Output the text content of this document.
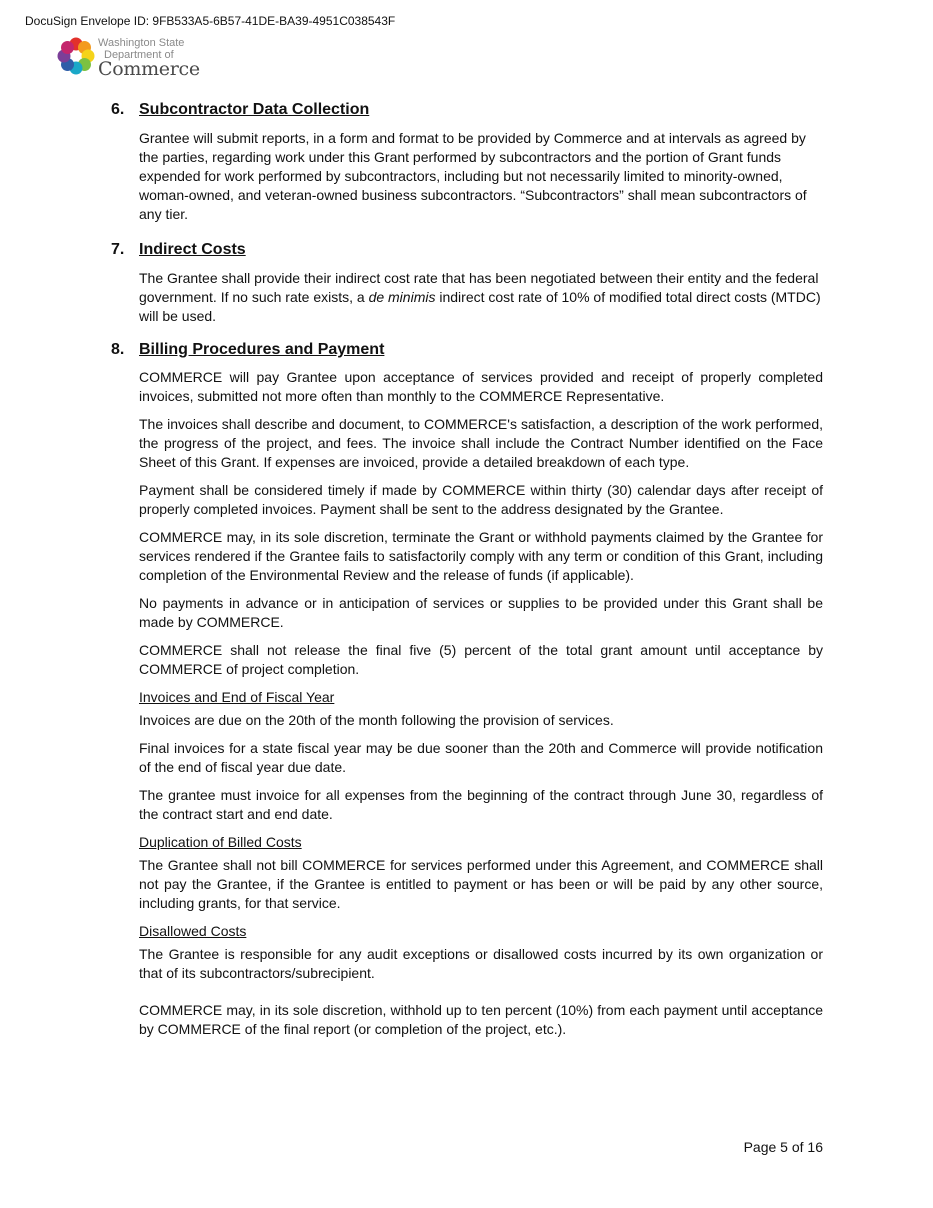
DocuSign Envelope ID: 9FB533A5-6B57-41DE-BA39-4951C038543F
Washington State
Department of
Commerce
6. Subcontractor Data Collection

Grantee will submit reports, in a form and format to be provided by Commerce and at intervals as agreed by the parties, regarding work under this Grant performed by subcontractors and the portion of Grant funds expended for work performed by subcontractors, including but not necessarily limited to minority-owned, woman-owned, and veteran-owned business subcontractors. “Subcontractors” shall mean subcontractors of any tier.

7. Indirect Costs

The Grantee shall provide their indirect cost rate that has been negotiated between their entity and the federal government. If no such rate exists, a de minimis indirect cost rate of 10% of modified total direct costs (MTDC) will be used.

8. Billing Procedures and Payment

COMMERCE will pay Grantee upon acceptance of services provided and receipt of properly completed invoices, submitted not more often than monthly to the COMMERCE Representative.

The invoices shall describe and document, to COMMERCE's satisfaction, a description of the work performed, the progress of the project, and fees. The invoice shall include the Contract Number identified on the Face Sheet of this Grant. If expenses are invoiced, provide a detailed breakdown of each type.

Payment shall be considered timely if made by COMMERCE within thirty (30) calendar days after receipt of properly completed invoices. Payment shall be sent to the address designated by the Grantee.

COMMERCE may, in its sole discretion, terminate the Grant or withhold payments claimed by the Grantee for services rendered if the Grantee fails to satisfactorily comply with any term or condition of this Grant, including completion of the Environmental Review and the release of funds (if applicable).

No payments in advance or in anticipation of services or supplies to be provided under this Grant shall be made by COMMERCE.

COMMERCE shall not release the final five (5) percent of the total grant amount until acceptance by COMMERCE of project completion.

Invoices and End of Fiscal Year

Invoices are due on the 20th of the month following the provision of services.

Final invoices for a state fiscal year may be due sooner than the 20th and Commerce will provide notification of the end of fiscal year due date.

The grantee must invoice for all expenses from the beginning of the contract through June 30, regardless of the contract start and end date.

Duplication of Billed Costs

The Grantee shall not bill COMMERCE for services performed under this Agreement, and COMMERCE shall not pay the Grantee, if the Grantee is entitled to payment or has been or will be paid by any other source, including grants, for that service.

Disallowed Costs

The Grantee is responsible for any audit exceptions or disallowed costs incurred by its own organization or that of its subcontractors/subrecipient.

COMMERCE may, in its sole discretion, withhold up to ten percent (10%) from each payment until acceptance by COMMERCE of the final report (or completion of the project, etc.).

Page 5 of 16
